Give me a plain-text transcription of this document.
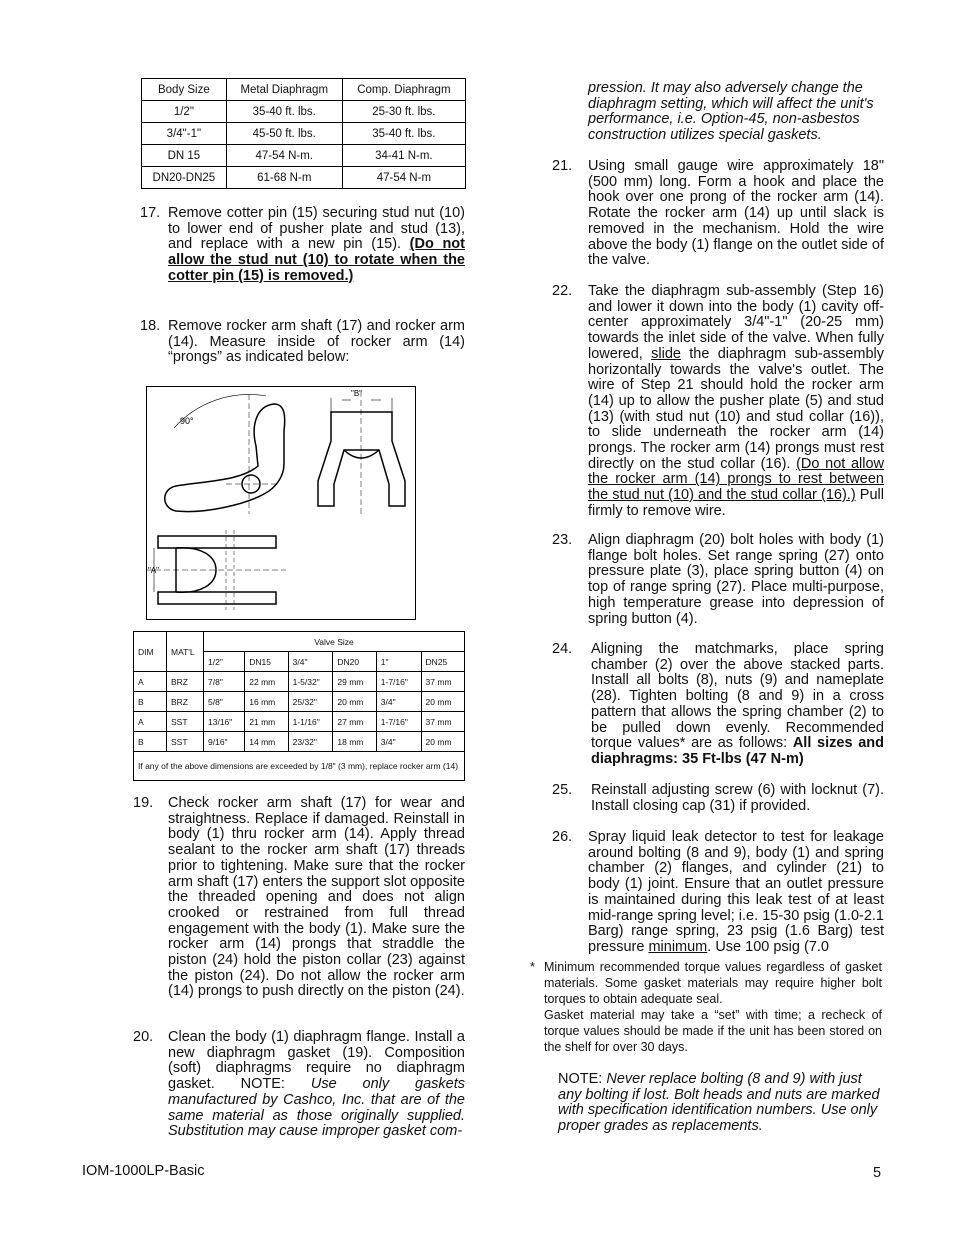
Body Size	Metal Diaphragm	Comp. Diaphragm
1/2"	35-40 ft. lbs.	25-30 ft. lbs.
3/4"-1"	45-50 ft. lbs.	35-40 ft. lbs.
DN 15	47-54 N-m.	34-41 N-m.
DN20-DN25	61-68 N-m	47-54 N-m
17. Remove cotter pin (15) securing stud nut (10) to lower end of pusher plate and stud (13), and replace with a new pin (15). (Do not allow the stud nut (10) to rotate when the cotter pin (15) is removed.)
18. Remove rocker arm shaft (17) and rocker arm (14). Measure inside of rocker arm (14) “prongs” as indicated below:
90°
"B"
"A"
DIM	MAT'L	Valve Size					
		1/2"	DN15	3/4"	DN20	1"	DN25
A	BRZ	7/8"	22 mm	1-5/32"	29 mm	1-7/16"	37 mm
B	BRZ	5/8"	16 mm	25/32"	20 mm	3/4"	20 mm
A	SST	13/16"	21 mm	1-1/16"	27 mm	1-7/16"	37 mm
B	SST	9/16"	14 mm	23/32"	18 mm	3/4"	20 mm
If any of the above dimensions are exceeded by 1/8" (3 mm), replace rocker arm (14)							
19. Check rocker arm shaft (17) for wear and straightness. Replace if damaged. Reinstall in body (1) thru rocker arm (14). Apply thread sealant to the rocker arm shaft (17) threads prior to tightening. Make sure that the rocker arm shaft (17) enters the support slot opposite the threaded opening and does not align crooked or restrained from full thread engagement with the body (1). Make sure the rocker arm (14) prongs that straddle the piston (24) hold the piston collar (23) against the piston (24). Do not allow the rocker arm (14) prongs to push directly on the piston (24).
20. Clean the body (1) diaphragm flange. Install a new diaphragm gasket (19). Composition (soft) diaphragms require no diaphragm gasket. NOTE: Use only gaskets manufactured by Cashco, Inc. that are of the same material as those originally supplied. Substitution may cause improper gasket com-
pression. It may also adversely change the diaphragm setting, which will affect the unit's performance, i.e. Option-45, non-asbestos construction utilizes special gaskets.
21. Using small gauge wire approximately 18" (500 mm) long. Form a hook and place the hook over one prong of the rocker arm (14). Rotate the rocker arm (14) up until slack is removed in the mechanism. Hold the wire above the body (1) flange on the outlet side of the valve.
22. Take the diaphragm sub-assembly (Step 16) and lower it down into the body (1) cavity off-center approximately 3/4"-1" (20-25 mm) towards the inlet side of the valve. When fully lowered, slide the diaphragm sub-assembly horizontally towards the valve's outlet. The wire of Step 21 should hold the rocker arm (14) up to allow the pusher plate (5) and stud (13) (with stud nut (10) and stud collar (16)), to slide underneath the rocker arm (14) prongs. The rocker arm (14) prongs must rest directly on the stud collar (16). (Do not allow the rocker arm (14) prongs to rest between the stud nut (10) and the stud collar (16).) Pull firmly to remove wire.
23. Align diaphragm (20) bolt holes with body (1) flange bolt holes. Set range spring (27) onto pressure plate (3), place spring button (4) on top of range spring (27). Place multi-purpose, high temperature grease into depression of spring button (4).
24. Aligning the matchmarks, place spring chamber (2) over the above stacked parts. Install all bolts (8), nuts (9) and nameplate (28). Tighten bolting (8 and 9) in a cross pattern that allows the spring chamber (2) to be pulled down evenly. Recommended torque values* are as follows: All sizes and diaphragms: 35 Ft-lbs (47 N-m)
25. Reinstall adjusting screw (6) with locknut (7). Install closing cap (31) if provided.
26. Spray liquid leak detector to test for leakage around bolting (8 and 9), body (1) and spring chamber (2) flanges, and cylinder (21) to body (1) joint. Ensure that an outlet pressure is maintained during this leak test of at least mid-range spring level; i.e. 15-30 psig (1.0-2.1 Barg) range spring, 23 psig (1.6 Barg) test pressure minimum. Use 100 psig (7.0
* Minimum recommended torque values regardless of gasket materials. Some gasket materials may require higher bolt torques to obtain adequate seal.
Gasket material may take a “set” with time; a recheck of torque values should be made if the unit has been stored on the shelf for over 30 days.
NOTE: Never replace bolting (8 and 9) with just any bolting if lost. Bolt heads and nuts are marked with specification identification numbers. Use only proper grades as replacements.
IOM-1000LP-Basic	5
